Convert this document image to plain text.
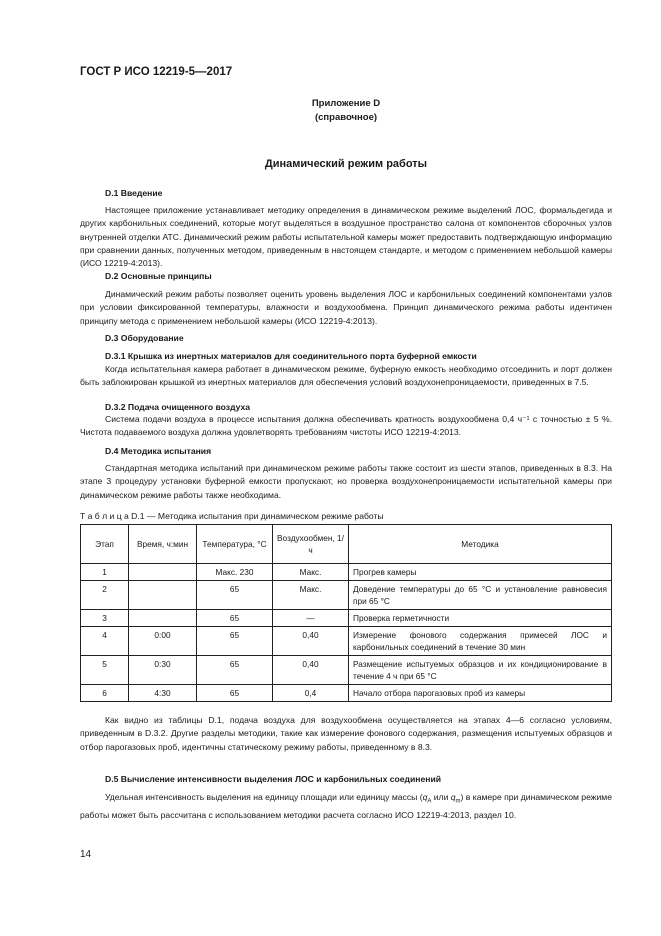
ГОСТ Р ИСО 12219-5—2017
Приложение D
(справочное)
Динамический режим работы
D.1 Введение
Настоящее приложение устанавливает методику определения в динамическом режиме выделений ЛОС, формальдегида и других карбонильных соединений, которые могут выделяться в воздушное пространство салона от компонентов сборочных узлов внутренней отделки АТС. Динамический режим работы испытательной камеры может предоставить подтверждающую информацию при сравнении данных, полученных методом, приведенным в настоящем стандарте, и методом с применением небольшой камеры (ИСО 12219-4:2013).
D.2 Основные принципы
Динамический режим работы позволяет оценить уровень выделения ЛОС и карбонильных соединений компонентами узлов при условии фиксированной температуры, влажности и воздухообмена. Принцип динамического режима работы идентичен принципу метода с применением небольшой камеры (ИСО 12219-4:2013).
D.3 Оборудование
D.3.1 Крышка из инертных материалов для соединительного порта буферной емкости
Когда испытательная камера работает в динамическом режиме, буферную емкость необходимо отсоединить и порт должен быть заблокирован крышкой из инертных материалов для обеспечения условий воздухонепроницаемости, приведенных в 7.5.
D.3.2 Подача очищенного воздуха
Система подачи воздуха в процессе испытания должна обеспечивать кратность воздухообмена 0,4 ч⁻¹ с точностью ± 5 %. Чистота подаваемого воздуха должна удовлетворять требованиям чистоты ИСО 12219-4:2013.
D.4 Методика испытания
Стандартная методика испытаний при динамическом режиме работы также состоит из шести этапов, приведенных в 8.3. На этапе 3 процедуру установки буферной емкости пропускают, но проверка воздухонепроницаемости испытательной камеры при динамическом режиме работы также необходима.
Т а б л и ц а D.1 — Методика испытания при динамическом режиме работы
Этап	Время, ч:мин	Температура, °С	Воздухообмен, 1/ч	Методика
1		Макс. 230	Макс.	Прогрев камеры
2		65	Макс.	Доведение температуры до 65 °С и установление равновесия при 65 °С
3		65	—	Проверка герметичности
4	0:00	65	0,40	Измерение фонового содержания примесей ЛОС и карбонильных соединений в течение 30 мин
5	0:30	65	0,40	Размещение испытуемых образцов и их кондиционирование в течение 4 ч при 65 °С
6	4:30	65	0,4	Начало отбора парогазовых проб из камеры
Как видно из таблицы D.1, подача воздуха для воздухообмена осуществляется на этапах 4—6 согласно условиям, приведенным в D.3.2. Другие разделы методики, такие как измерение фонового содержания, размещения испытуемых образцов и отбор парогазовых проб, идентичны статическому режиму работы, приведенному в 8.3.
D.5 Вычисление интенсивности выделения ЛОС и карбонильных соединений
Удельная интенсивность выделения на единицу площади или единицу массы ($q_A$ или $q_m$) в камере при динамическом режиме работы может быть рассчитана с использованием методики расчета согласно ИСО 12219-4:2013, раздел 10.
14
